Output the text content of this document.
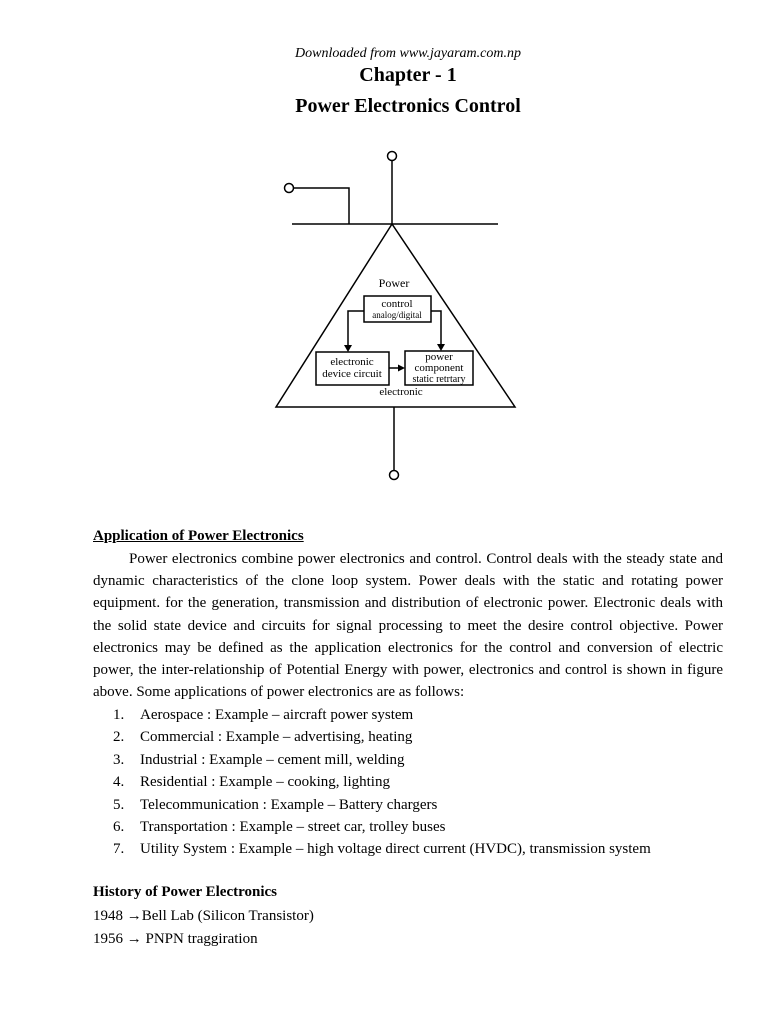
Downloaded from www.jayaram.com.np
Chapter - 1
Power Electronics Control
Power
control
analog/digital
electronic
device circuit
power
component
static retrtary
electronic
Application of Power Electronics
Power electronics combine power electronics and control. Control deals with the steady state and dynamic characteristics of the clone loop system. Power deals with the static and rotating power equipment. for the generation, transmission and distribution of electronic power. Electronic deals with the solid state device and circuits for signal processing to meet the desire control objective. Power electronics may be defined as the application electronics for the control and conversion of electric power, the inter-relationship of Potential Energy with power, electronics and control is shown in figure above. Some applications of power electronics are as follows:
1. Aerospace : Example – aircraft power system
2. Commercial : Example – advertising, heating
3. Industrial : Example – cement mill, welding
4. Residential : Example – cooking, lighting
5. Telecommunication : Example – Battery chargers
6. Transportation : Example – street car, trolley buses
7. Utility System : Example – high voltage direct current (HVDC), transmission system
History of Power Electronics
1948 →Bell Lab (Silicon Transistor)
1956 → PNPN traggiration
